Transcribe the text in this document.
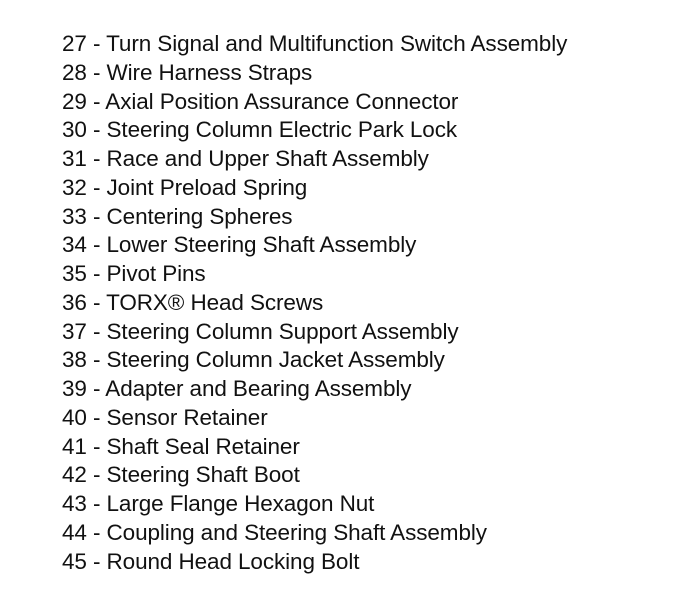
27 - Turn Signal and Multifunction Switch Assembly
28 - Wire Harness Straps
29 - Axial Position Assurance Connector
30 - Steering Column Electric Park Lock
31 - Race and Upper Shaft Assembly
32 - Joint Preload Spring
33 - Centering Spheres
34 - Lower Steering Shaft Assembly
35 - Pivot Pins
36 - TORX® Head Screws
37 - Steering Column Support Assembly
38 - Steering Column Jacket Assembly
39 - Adapter and Bearing Assembly
40 - Sensor Retainer
41 - Shaft Seal Retainer
42 - Steering Shaft Boot
43 - Large Flange Hexagon Nut
44 - Coupling and Steering Shaft Assembly
45 - Round Head Locking Bolt
